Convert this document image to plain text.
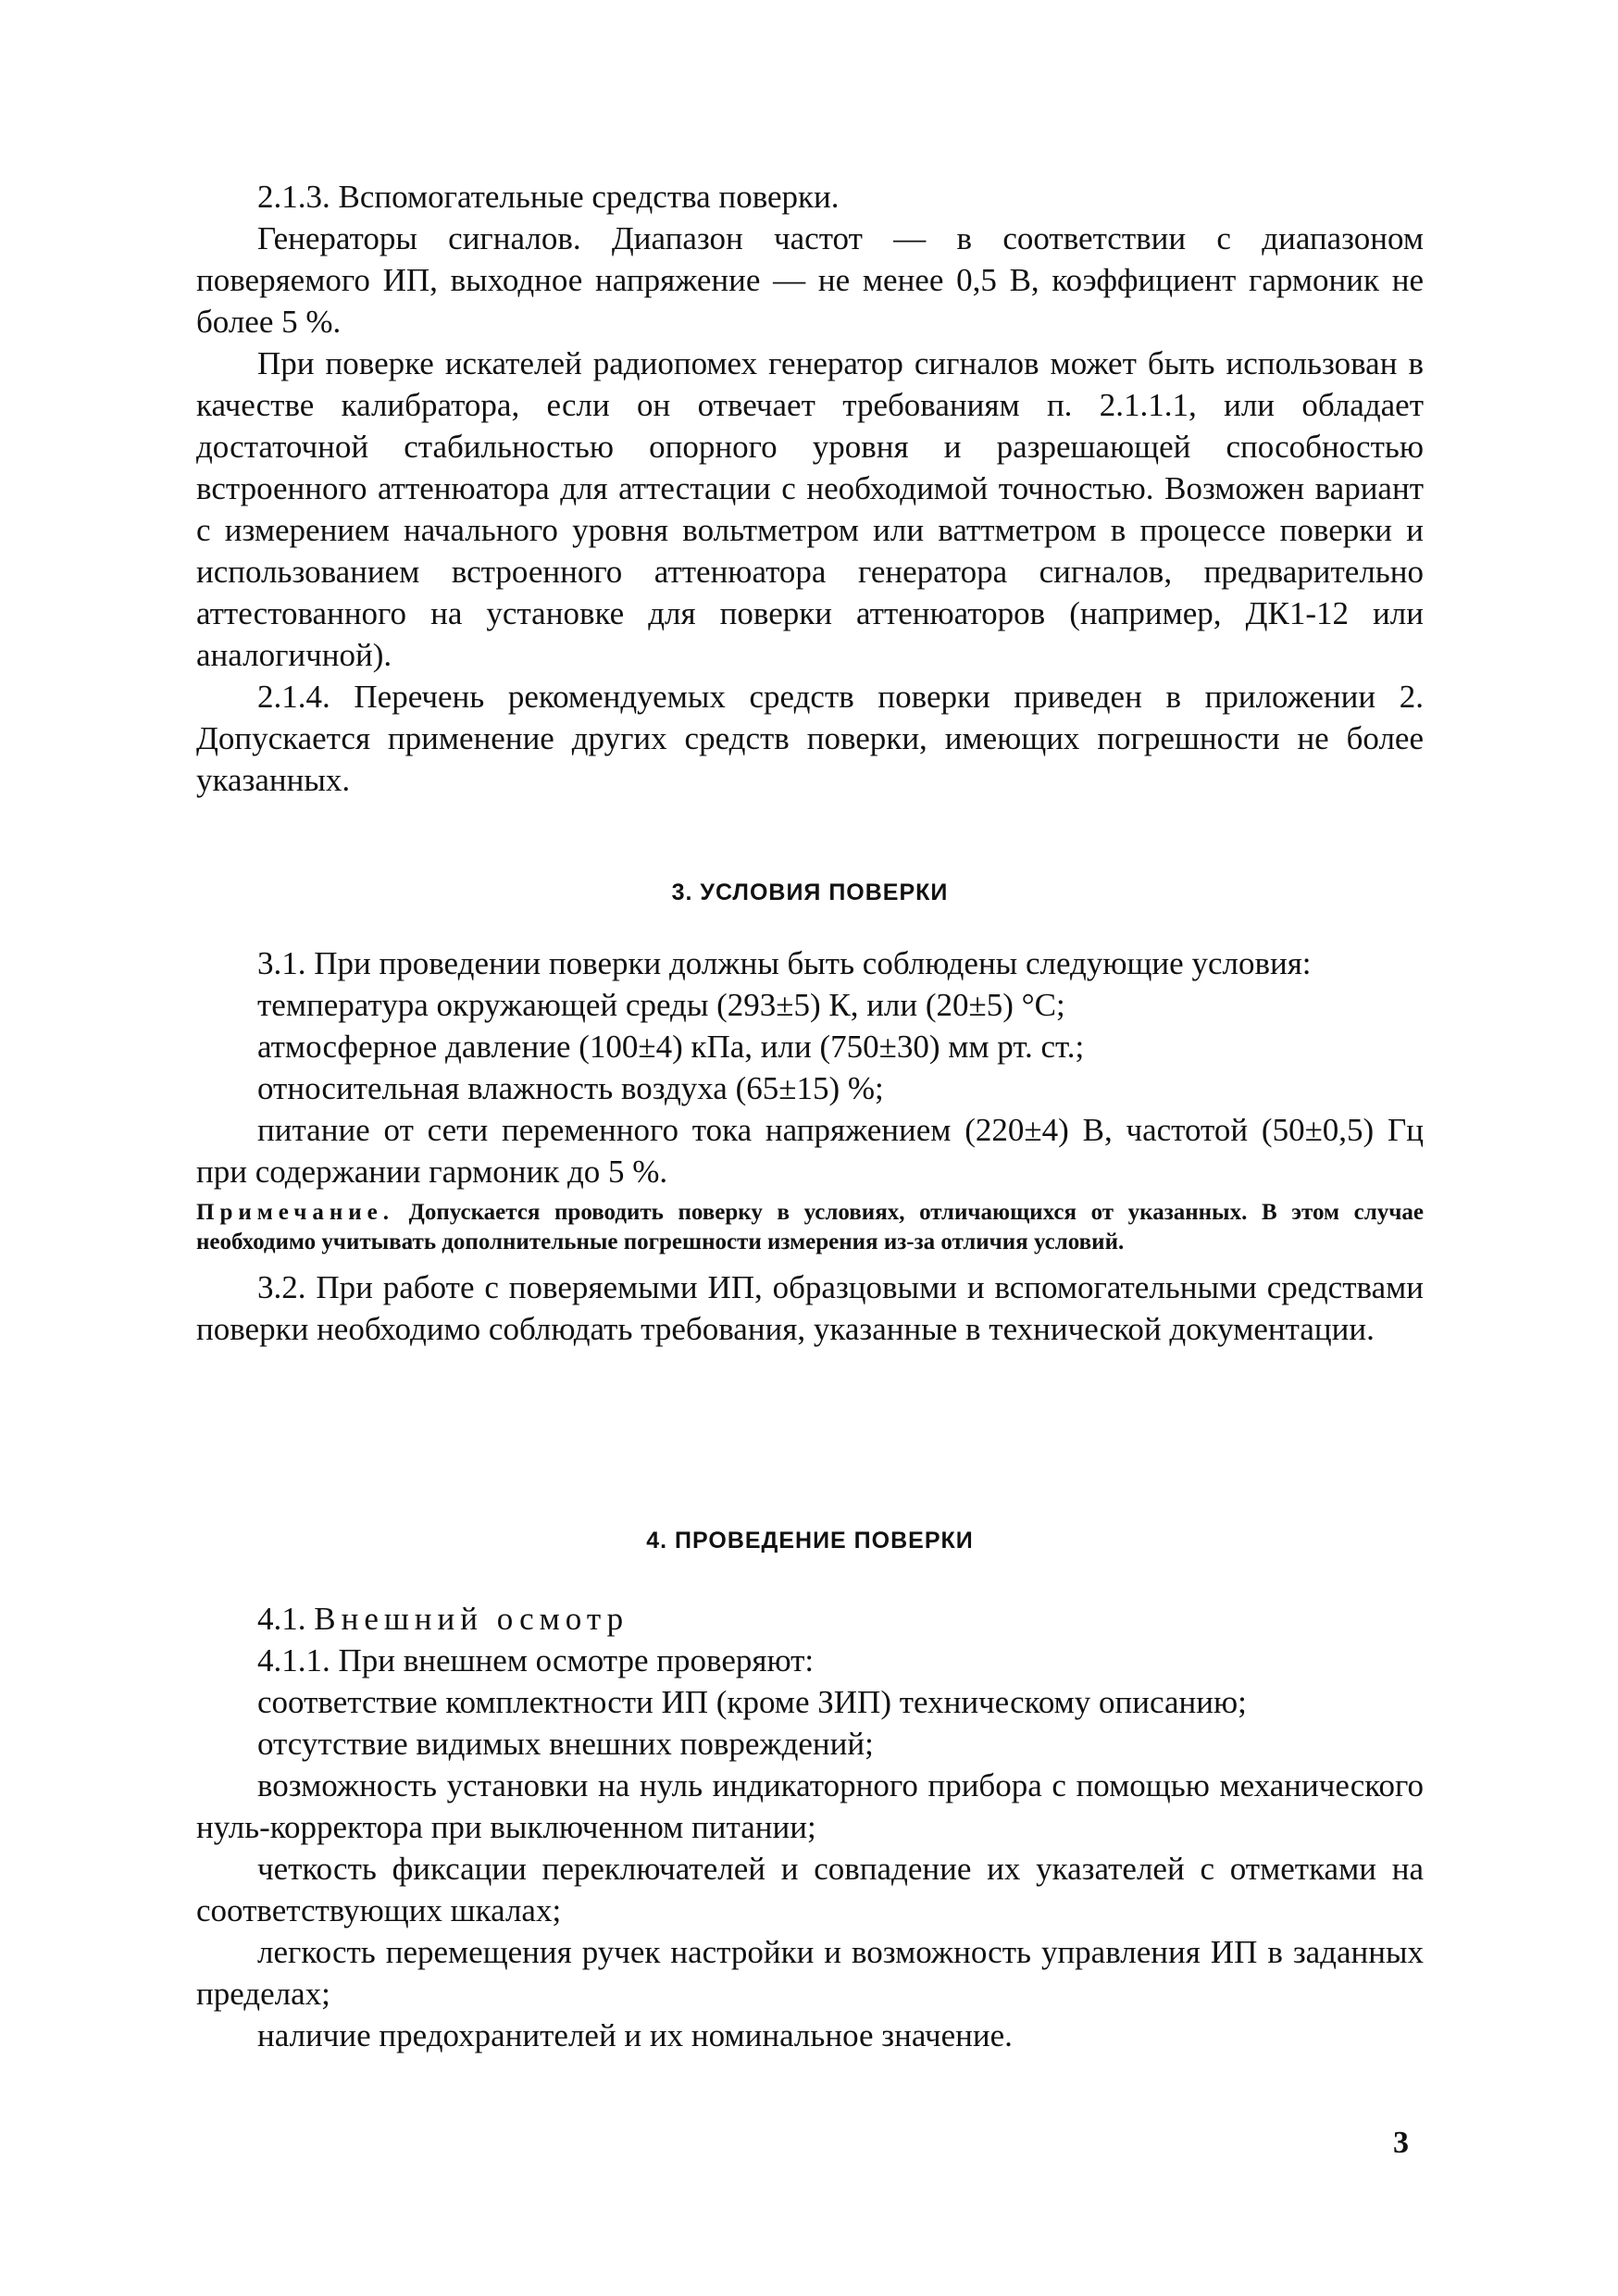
2.1.3. Вспомогательные средства поверки.

Генераторы сигналов. Диапазон частот — в соответствии с диапазоном поверяемого ИП, выходное напряжение — не менее 0,5 В, коэффициент гармоник не более 5 %.

При поверке искателей радиопомех генератор сигналов может быть использован в качестве калибратора, если он отвечает требованиям п. 2.1.1.1, или обладает достаточной стабильностью опорного уровня и разрешающей способностью встроенного аттенюатора для аттестации с необходимой точностью. Возможен вариант с измерением начального уровня вольтметром или ваттметром в процессе поверки и использованием встроенного аттенюатора генератора сигналов, предварительно аттестованного на установке для поверки аттенюаторов (например, ДК1-12 или аналогичной).

2.1.4. Перечень рекомендуемых средств поверки приведен в приложении 2. Допускается применение других средств поверки, имеющих погрешности не более указанных.

3. УСЛОВИЯ ПОВЕРКИ

3.1. При проведении поверки должны быть соблюдены следующие условия:

температура окружающей среды (293±5) К, или (20±5) °С;

атмосферное давление (100±4) кПа, или (750±30) мм рт. ст.;

относительная влажность воздуха (65±15) %;

питание от сети переменного тока напряжением (220±4) В, частотой (50±0,5) Гц при содержании гармоник до 5 %.

Примечание. Допускается проводить поверку в условиях, отличающихся от указанных. В этом случае необходимо учитывать дополнительные погрешности измерения из-за отличия условий.

3.2. При работе с поверяемыми ИП, образцовыми и вспомогательными средствами поверки необходимо соблюдать требования, указанные в технической документации.

4. ПРОВЕДЕНИЕ ПОВЕРКИ

4.1. Внешний осмотр

4.1.1. При внешнем осмотре проверяют:

соответствие комплектности ИП (кроме ЗИП) техническому описанию;

отсутствие видимых внешних повреждений;

возможность установки на нуль индикаторного прибора с помощью механического нуль-корректора при выключенном питании;

четкость фиксации переключателей и совпадение их указателей с отметками на соответствующих шкалах;

легкость перемещения ручек настройки и возможность управления ИП в заданных пределах;

наличие предохранителей и их номинальное значение.

3
